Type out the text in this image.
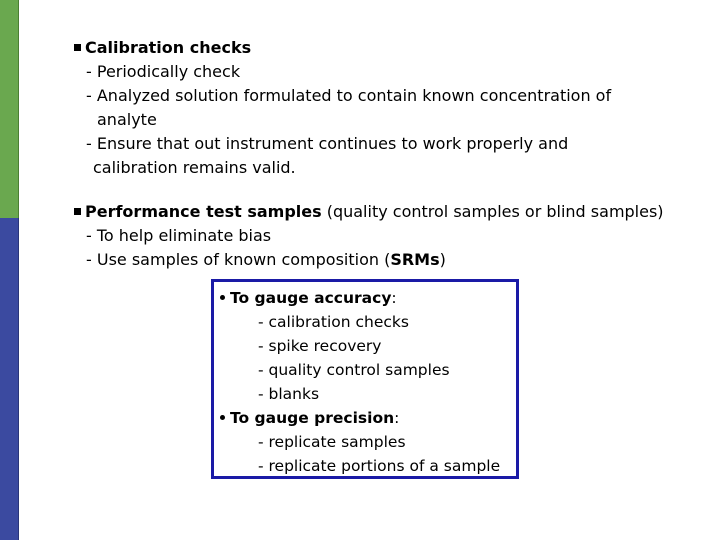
Calibration checks
- Periodically check
- Analyzed solution formulated to contain known concentration of
analyte
- Ensure that out instrument continues to work properly and
calibration remains valid.
Performance test samples (quality control samples or blind samples)
- To help eliminate bias
- Use samples of known composition (SRMs)
To gauge accuracy:
- calibration checks
- spike recovery
- quality control samples
- blanks
To gauge precision:
- replicate samples
- replicate portions of a sample
